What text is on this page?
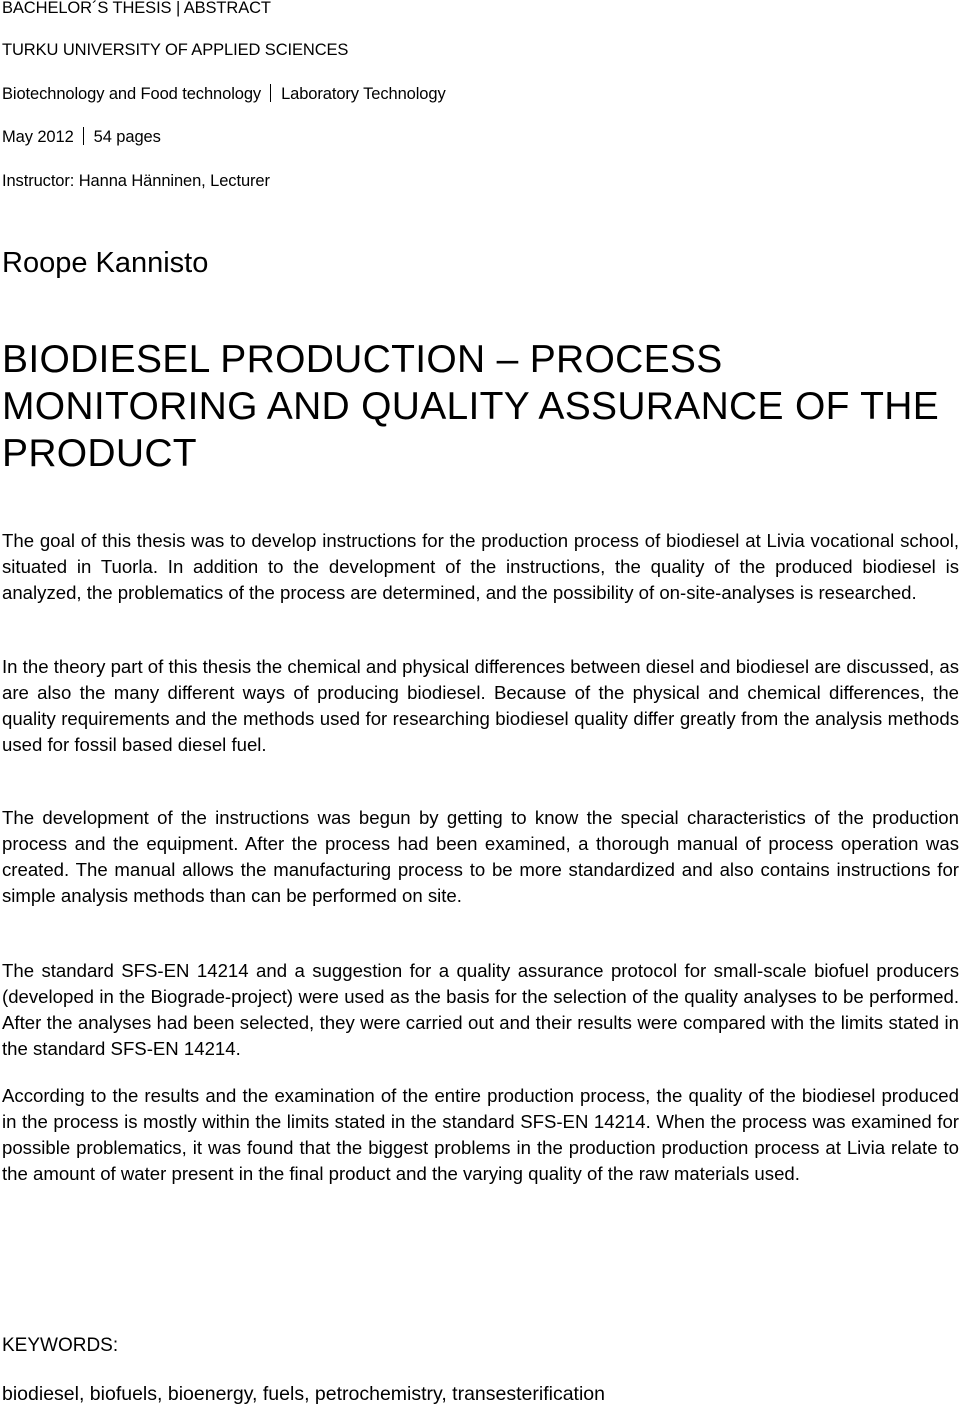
BACHELOR´S THESIS | ABSTRACT
TURKU UNIVERSITY OF APPLIED SCIENCES
Biotechnology and Food technology Laboratory Technology
May 2012 54 pages
Instructor: Hanna Hänninen, Lecturer
Roope Kannisto
BIODIESEL PRODUCTION – PROCESS MONITORING AND QUALITY ASSURANCE OF THE PRODUCT

The goal of this thesis was to develop instructions for the production process of biodiesel at Livia vocational school, situated in Tuorla. In addition to the development of the instructions, the quality of the produced biodiesel is analyzed, the problematics of the process are determined, and the possibility of on-site-analyses is researched.

In the theory part of this thesis the chemical and physical differences between diesel and biodiesel are discussed, as are also the many different ways of producing biodiesel. Because of the physical and chemical differences, the quality requirements and the methods used for researching biodiesel quality differ greatly from the analysis methods used for fossil based diesel fuel.

The development of the instructions was begun by getting to know the special characteristics of the production process and the equipment. After the process had been examined, a thorough manual of process operation was created. The manual allows the manufacturing process to be more standardized and also contains instructions for simple analysis methods than can be performed on site.

The standard SFS-EN 14214 and a suggestion for a quality assurance protocol for small-scale biofuel producers (developed in the Biograde-project) were used as the basis for the selection of the quality analyses to be performed. After the analyses had been selected, they were carried out and their results were compared with the limits stated in the standard SFS-EN 14214.

According to the results and the examination of the entire production process, the quality of the biodiesel produced in the process is mostly within the limits stated in the standard SFS-EN 14214. When the process was examined for possible problematics, it was found that the biggest problems in the production production process at Livia relate to the amount of water present in the final product and the varying quality of the raw materials used.

KEYWORDS:
biodiesel, biofuels, bioenergy, fuels, petrochemistry, transesterification
